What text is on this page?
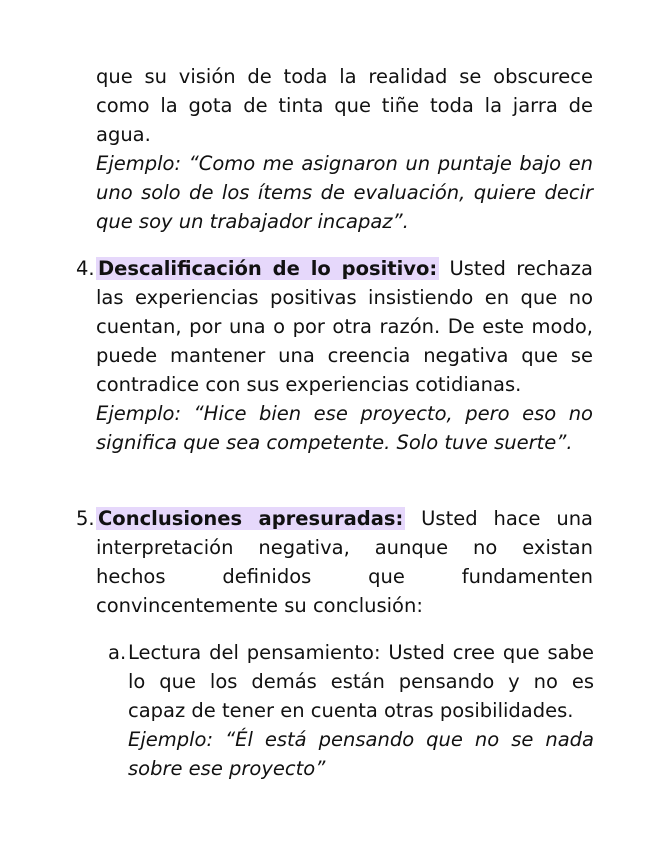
que su visión de toda la realidad se obscurece como la gota de tinta que tiñe toda la jarra de agua.

Ejemplo: “Como me asignaron un puntaje bajo en uno solo de los ítems de evaluación, quiere decir que soy un trabajador incapaz”.

4. Descalificación de lo positivo: Usted rechaza las experiencias positivas insistiendo en que no cuentan, por una o por otra razón. De este modo, puede mantener una creencia negativa que se contradice con sus experiencias cotidianas.

Ejemplo: “Hice bien ese proyecto, pero eso no significa que sea competente. Solo tuve suerte”.

5. Conclusiones apresuradas: Usted hace una interpretación negativa, aunque no existan hechos definidos que fundamenten convincentemente su conclusión:

a. Lectura del pensamiento: Usted cree que sabe lo que los demás están pensando y no es capaz de tener en cuenta otras posibilidades.

Ejemplo: “Él está pensando que no se nada sobre ese proyecto”
